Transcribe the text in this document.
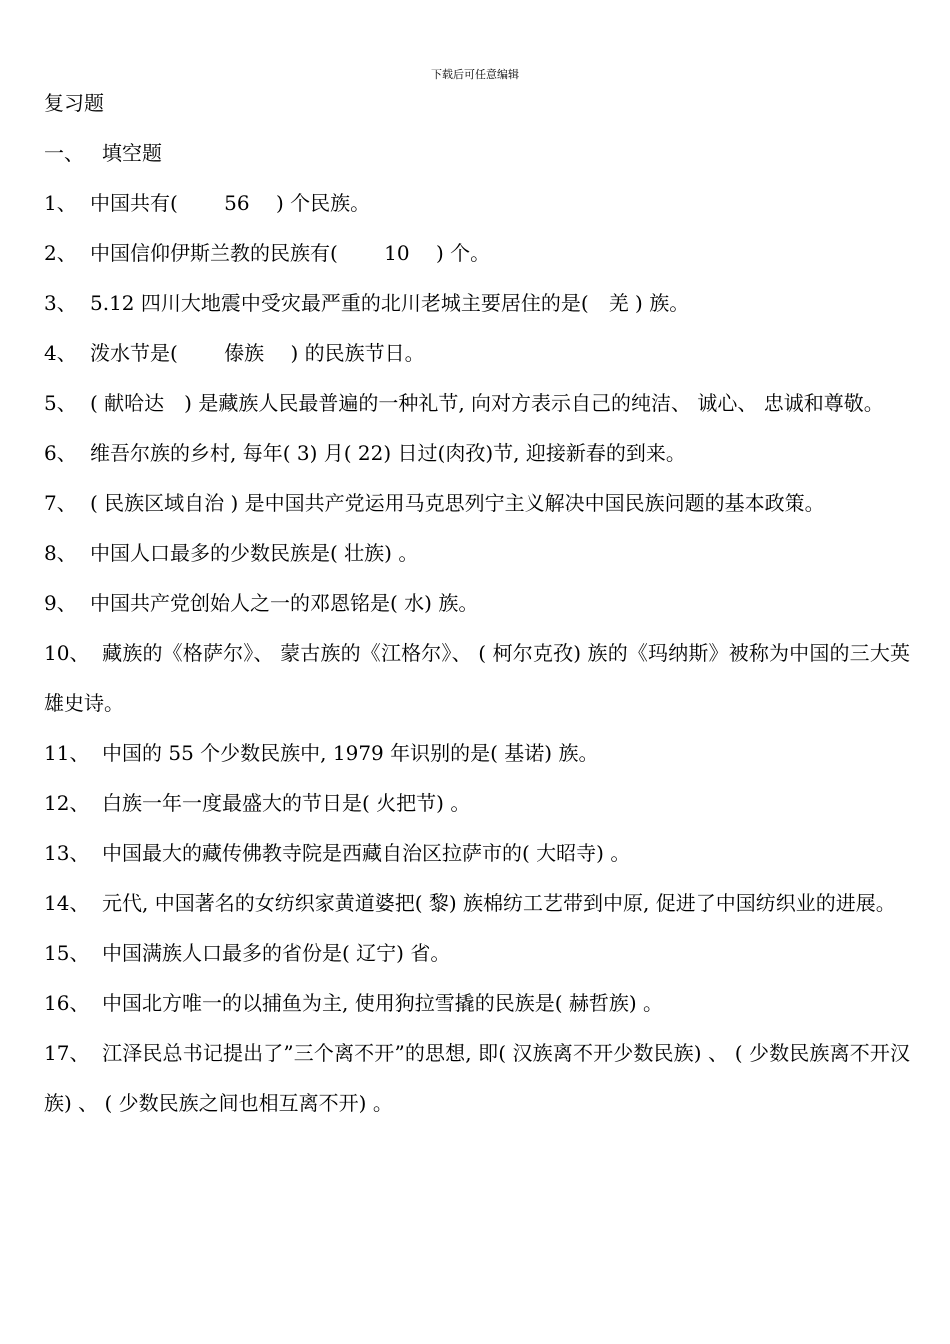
下载后可任意编辑
复习题
一、 填空题
1、 中国共有(　　 56　 ) 个民族。
2、 中国信仰伊斯兰教的民族有(　　 10　 ) 个。
3、 5.12 四川大地震中受灾最严重的北川老城主要居住的是(　羌 ) 族。
4、 泼水节是(　　 傣族　 ) 的民族节日。
5、 ( 献哈达　) 是藏族人民最普遍的一种礼节, 向对方表示自己的纯洁、 诚心、 忠诚和尊敬。
6、 维吾尔族的乡村, 每年( 3) 月( 22) 日过(肉孜)节, 迎接新春的到来。
7、 ( 民族区域自治 ) 是中国共产党运用马克思列宁主义解决中国民族问题的基本政策。
8、 中国人口最多的少数民族是( 壮族) 。
9、 中国共产党创始人之一的邓恩铭是( 水) 族。
10、 藏族的《格萨尔》、 蒙古族的《江格尔》、 ( 柯尔克孜) 族的《玛纳斯》被称为中国的三大英雄史诗。
11、 中国的 55 个少数民族中, 1979 年识别的是( 基诺) 族。
12、 白族一年一度最盛大的节日是( 火把节) 。
13、 中国最大的藏传佛教寺院是西藏自治区拉萨市的( 大昭寺) 。
14、 元代, 中国著名的女纺织家黄道婆把( 黎) 族棉纺工艺带到中原, 促进了中国纺织业的进展。
15、 中国满族人口最多的省份是( 辽宁) 省。
16、 中国北方唯一的以捕鱼为主, 使用狗拉雪撬的民族是( 赫哲族) 。
17、 江泽民总书记提出了”三个离不开”的思想, 即( 汉族离不开少数民族) 、 ( 少数民族离不开汉族) 、 ( 少数民族之间也相互离不开) 。
